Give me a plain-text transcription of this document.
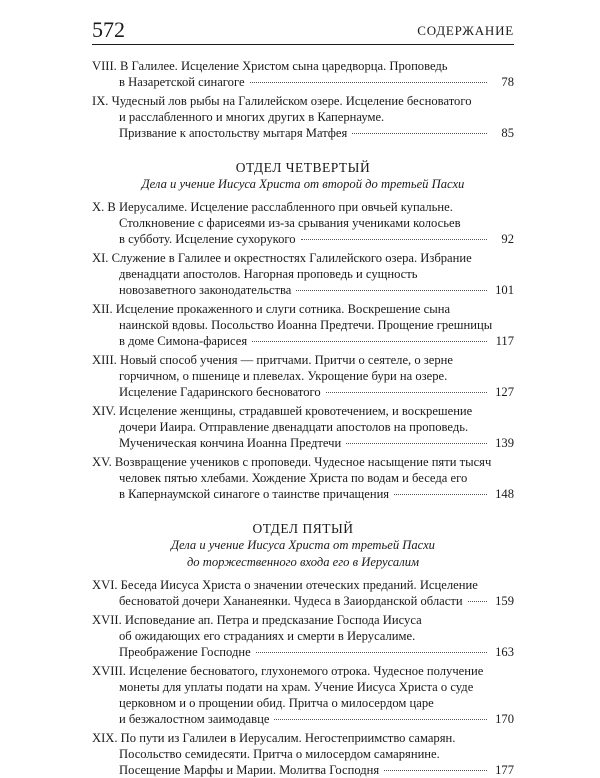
572	СОДЕРЖАНИЕ
VIII. В Галилее. Исцеление Христом сына царедворца. Проповедь
в Назаретской синагоге	78
IX. Чудесный лов рыбы на Галилейском озере. Исцеление бесноватого
и расслабленного и многих других в Капернауме.
Призвание к апостольству мытаря Матфея	85
ОТДЕЛ ЧЕТВЕРТЫЙ
Дела и учение Иисуса Христа от второй до третьей Пасхи
X. В Иерусалиме. Исцеление расслабленного при овчьей купальне.
Столкновение с фарисеями из-за срывания учениками колосьев
в субботу. Исцеление сухорукого	92
XI. Служение в Галилее и окрестностях Галилейского озера. Избрание
двенадцати апостолов. Нагорная проповедь и сущность
новозаветного законодательства	101
XII. Исцеление прокаженного и слуги сотника. Воскрешение сына
наинской вдовы. Посольство Иоанна Предтечи. Прощение грешницы
в доме Симона-фарисея	117
XIII. Новый способ учения — притчами. Притчи о сеятеле, о зерне
горчичном, о пшенице и плевелах. Укрощение бури на озере.
Исцеление Гадаринского бесноватого	127
XIV. Исцеление женщины, страдавшей кровотечением, и воскрешение
дочери Иаира. Отправление двенадцати апостолов на проповедь.
Мученическая кончина Иоанна Предтечи	139
XV. Возвращение учеников с проповеди. Чудесное насыщение пяти тысяч
человек пятью хлебами. Хождение Христа по водам и беседа его
в Капернаумской синагоге о таинстве причащения	148
ОТДЕЛ ПЯТЫЙ
Дела и учение Иисуса Христа от третьей Пасхи
до торжественного входа его в Иерусалим
XVI. Беседа Иисуса Христа о значении отеческих преданий. Исцеление
бесноватой дочери Хананеянки. Чудеса в Заиорданской области	159
XVII. Исповедание ап. Петра и предсказание Господа Иисуса
об ожидающих его страданиях и смерти в Иерусалиме.
Преображение Господне	163
XVIII. Исцеление бесноватого, глухонемого отрока. Чудесное получение
монеты для уплаты подати на храм. Учение Иисуса Христа о суде
церковном и о прощении обид. Притча о милосердом царе
и безжалостном заимодавце	170
XIX. По пути из Галилеи в Иерусалим. Негостеприимство самарян.
Посольство семидесяти. Притча о милосердом самарянине.
Посещение Марфы и Марии. Молитва Господня	177
